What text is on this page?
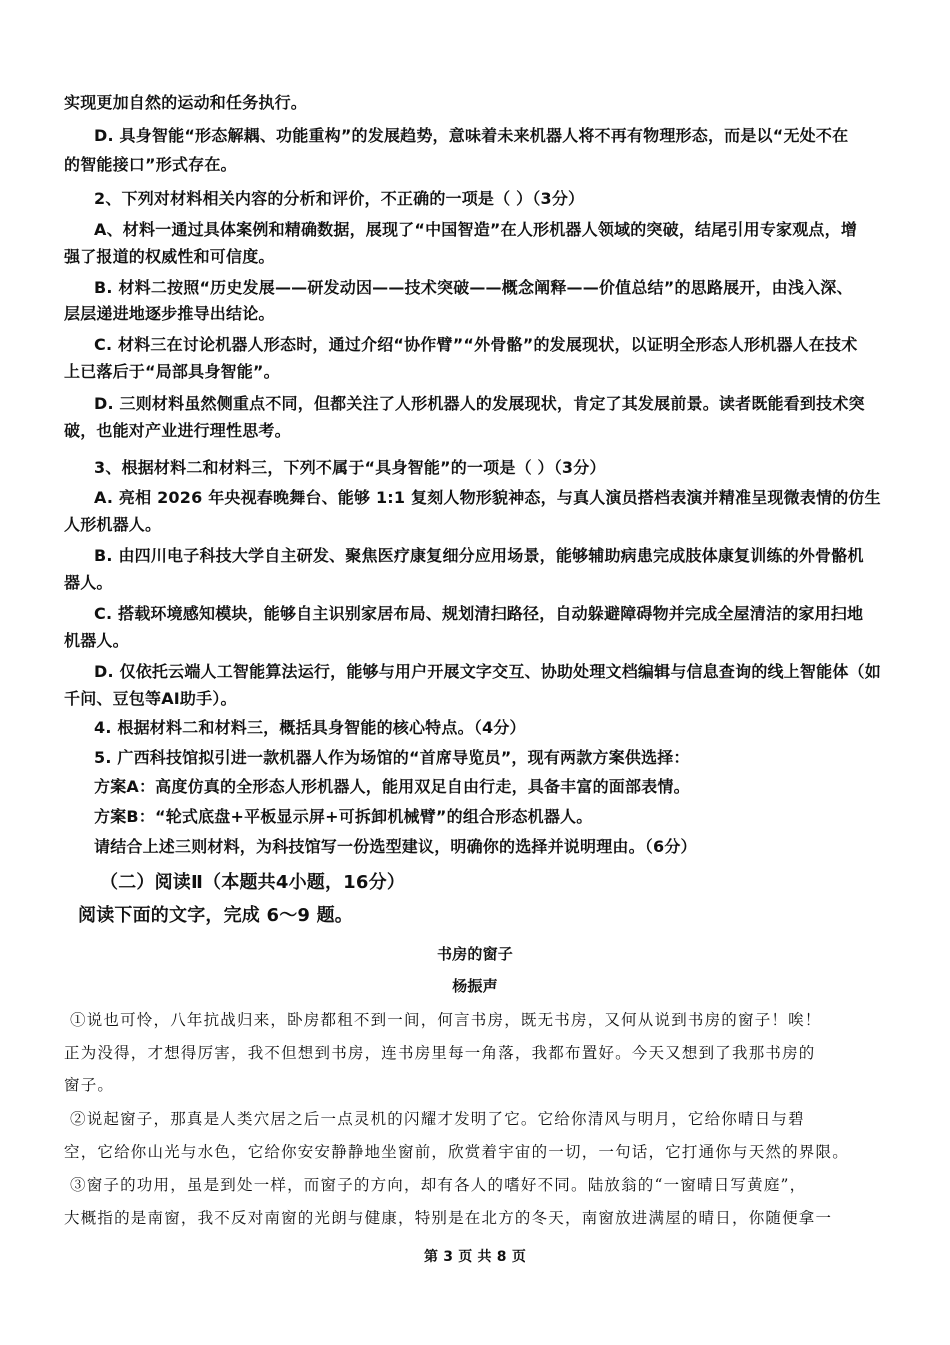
实现更加自然的运动和任务执行。

D. 具身智能“形态解耦、功能重构”的发展趋势，意味着未来机器人将不再有物理形态，而是以“无处不在

的智能接口”形式存在。

2、下列对材料相关内容的分析和评价，不正确的一项是（ ）（3分）

A、材料一通过具体案例和精确数据，展现了“中国智造”在人形机器人领域的突破，结尾引用专家观点，增

强了报道的权威性和可信度。

B. 材料二按照“历史发展——研发动因——技术突破——概念阐释——价值总结”的思路展开，由浅入深、

层层递进地逐步推导出结论。

C. 材料三在讨论机器人形态时，通过介绍“协作臂”“外骨骼”的发展现状，以证明全形态人形机器人在技术

上已落后于“局部具身智能”。

D. 三则材料虽然侧重点不同，但都关注了人形机器人的发展现状，肯定了其发展前景。读者既能看到技术突

破，也能对产业进行理性思考。

3、根据材料二和材料三，下列不属于“具身智能”的一项是（ ）（3分）

A. 亮相 2026 年央视春晚舞台、能够 1:1 复刻人物形貌神态，与真人演员搭档表演并精准呈现微表情的仿生

人形机器人。

B. 由四川电子科技大学自主研发、聚焦医疗康复细分应用场景，能够辅助病患完成肢体康复训练的外骨骼机

器人。

C. 搭载环境感知模块，能够自主识别家居布局、规划清扫路径，自动躲避障碍物并完成全屋清洁的家用扫地

机器人。

D. 仅依托云端人工智能算法运行，能够与用户开展文字交互、协助处理文档编辑与信息查询的线上智能体（如

千问、豆包等AI助手）。

4. 根据材料二和材料三，概括具身智能的核心特点。（4分）

5. 广西科技馆拟引进一款机器人作为场馆的“首席导览员”，现有两款方案供选择：

方案A：高度仿真的全形态人形机器人，能用双足自由行走，具备丰富的面部表情。

方案B：“轮式底盘+平板显示屏+可拆卸机械臂”的组合形态机器人。

请结合上述三则材料，为科技馆写一份选型建议，明确你的选择并说明理由。（6分）

（二）阅读Ⅱ（本题共4小题，16分）

阅读下面的文字，完成 6～9 题。

书房的窗子

杨振声

①说也可怜，八年抗战归来，卧房都租不到一间，何言书房，既无书房，又何从说到书房的窗子！唉！

正为没得，才想得厉害，我不但想到书房，连书房里每一角落，我都布置好。今天又想到了我那书房的

窗子。

②说起窗子，那真是人类穴居之后一点灵机的闪耀才发明了它。它给你清风与明月，它给你晴日与碧

空，它给你山光与水色，它给你安安静静地坐窗前，欣赏着宇宙的一切，一句话，它打通你与天然的界限。

③窗子的功用，虽是到处一样，而窗子的方向，却有各人的嗜好不同。陆放翁的“一窗晴日写黄庭”，

大概指的是南窗，我不反对南窗的光朗与健康，特别是在北方的冬天，南窗放进满屋的晴日，你随便拿一

第 3 页 共 8 页
